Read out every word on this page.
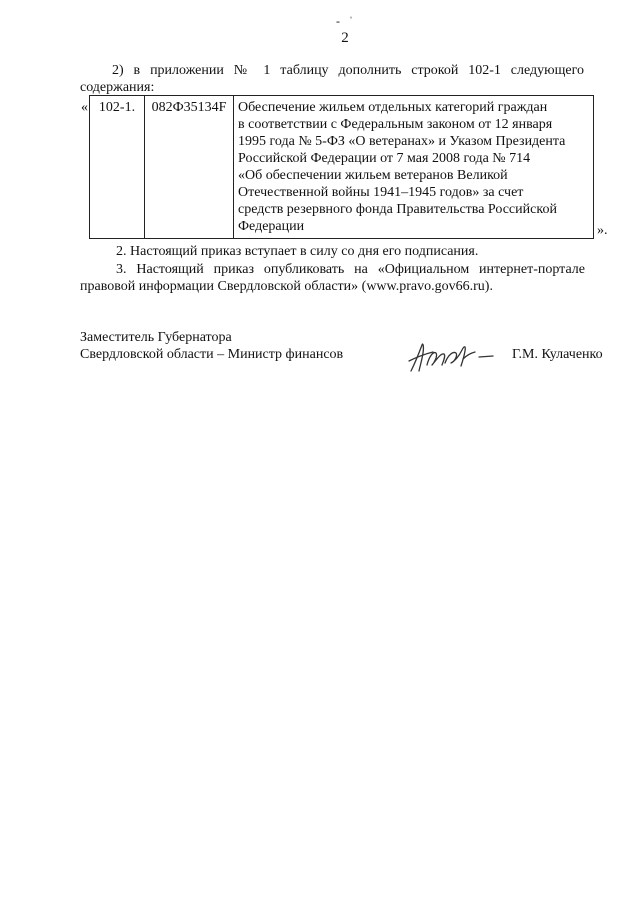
‐ ˈ
2
2) в приложении № 1 таблицу дополнить строкой 102-1 следующего
содержания:
« 102-1.	082Ф35134F	Обеспечение жильем отдельных категорий граждан
в соответствии с Федеральным законом от 12 января
1995 года № 5-ФЗ «О ветеранах» и Указом Президента
Российской Федерации от 7 мая 2008 года № 714
«Об обеспечении жильем ветеранов Великой
Отечественной войны 1941–1945 годов» за счет
средств резервного фонда Правительства Российской
Федерации	».
2. Настоящий приказ вступает в силу со дня его подписания.
3. Настоящий приказ опубликовать на «Официальном интернет-портале
правовой информации Свердловской области» (www.pravo.gov66.ru).
Заместитель Губернатора
Свердловской области – Министр финансов	Г.М. Кулаченко
